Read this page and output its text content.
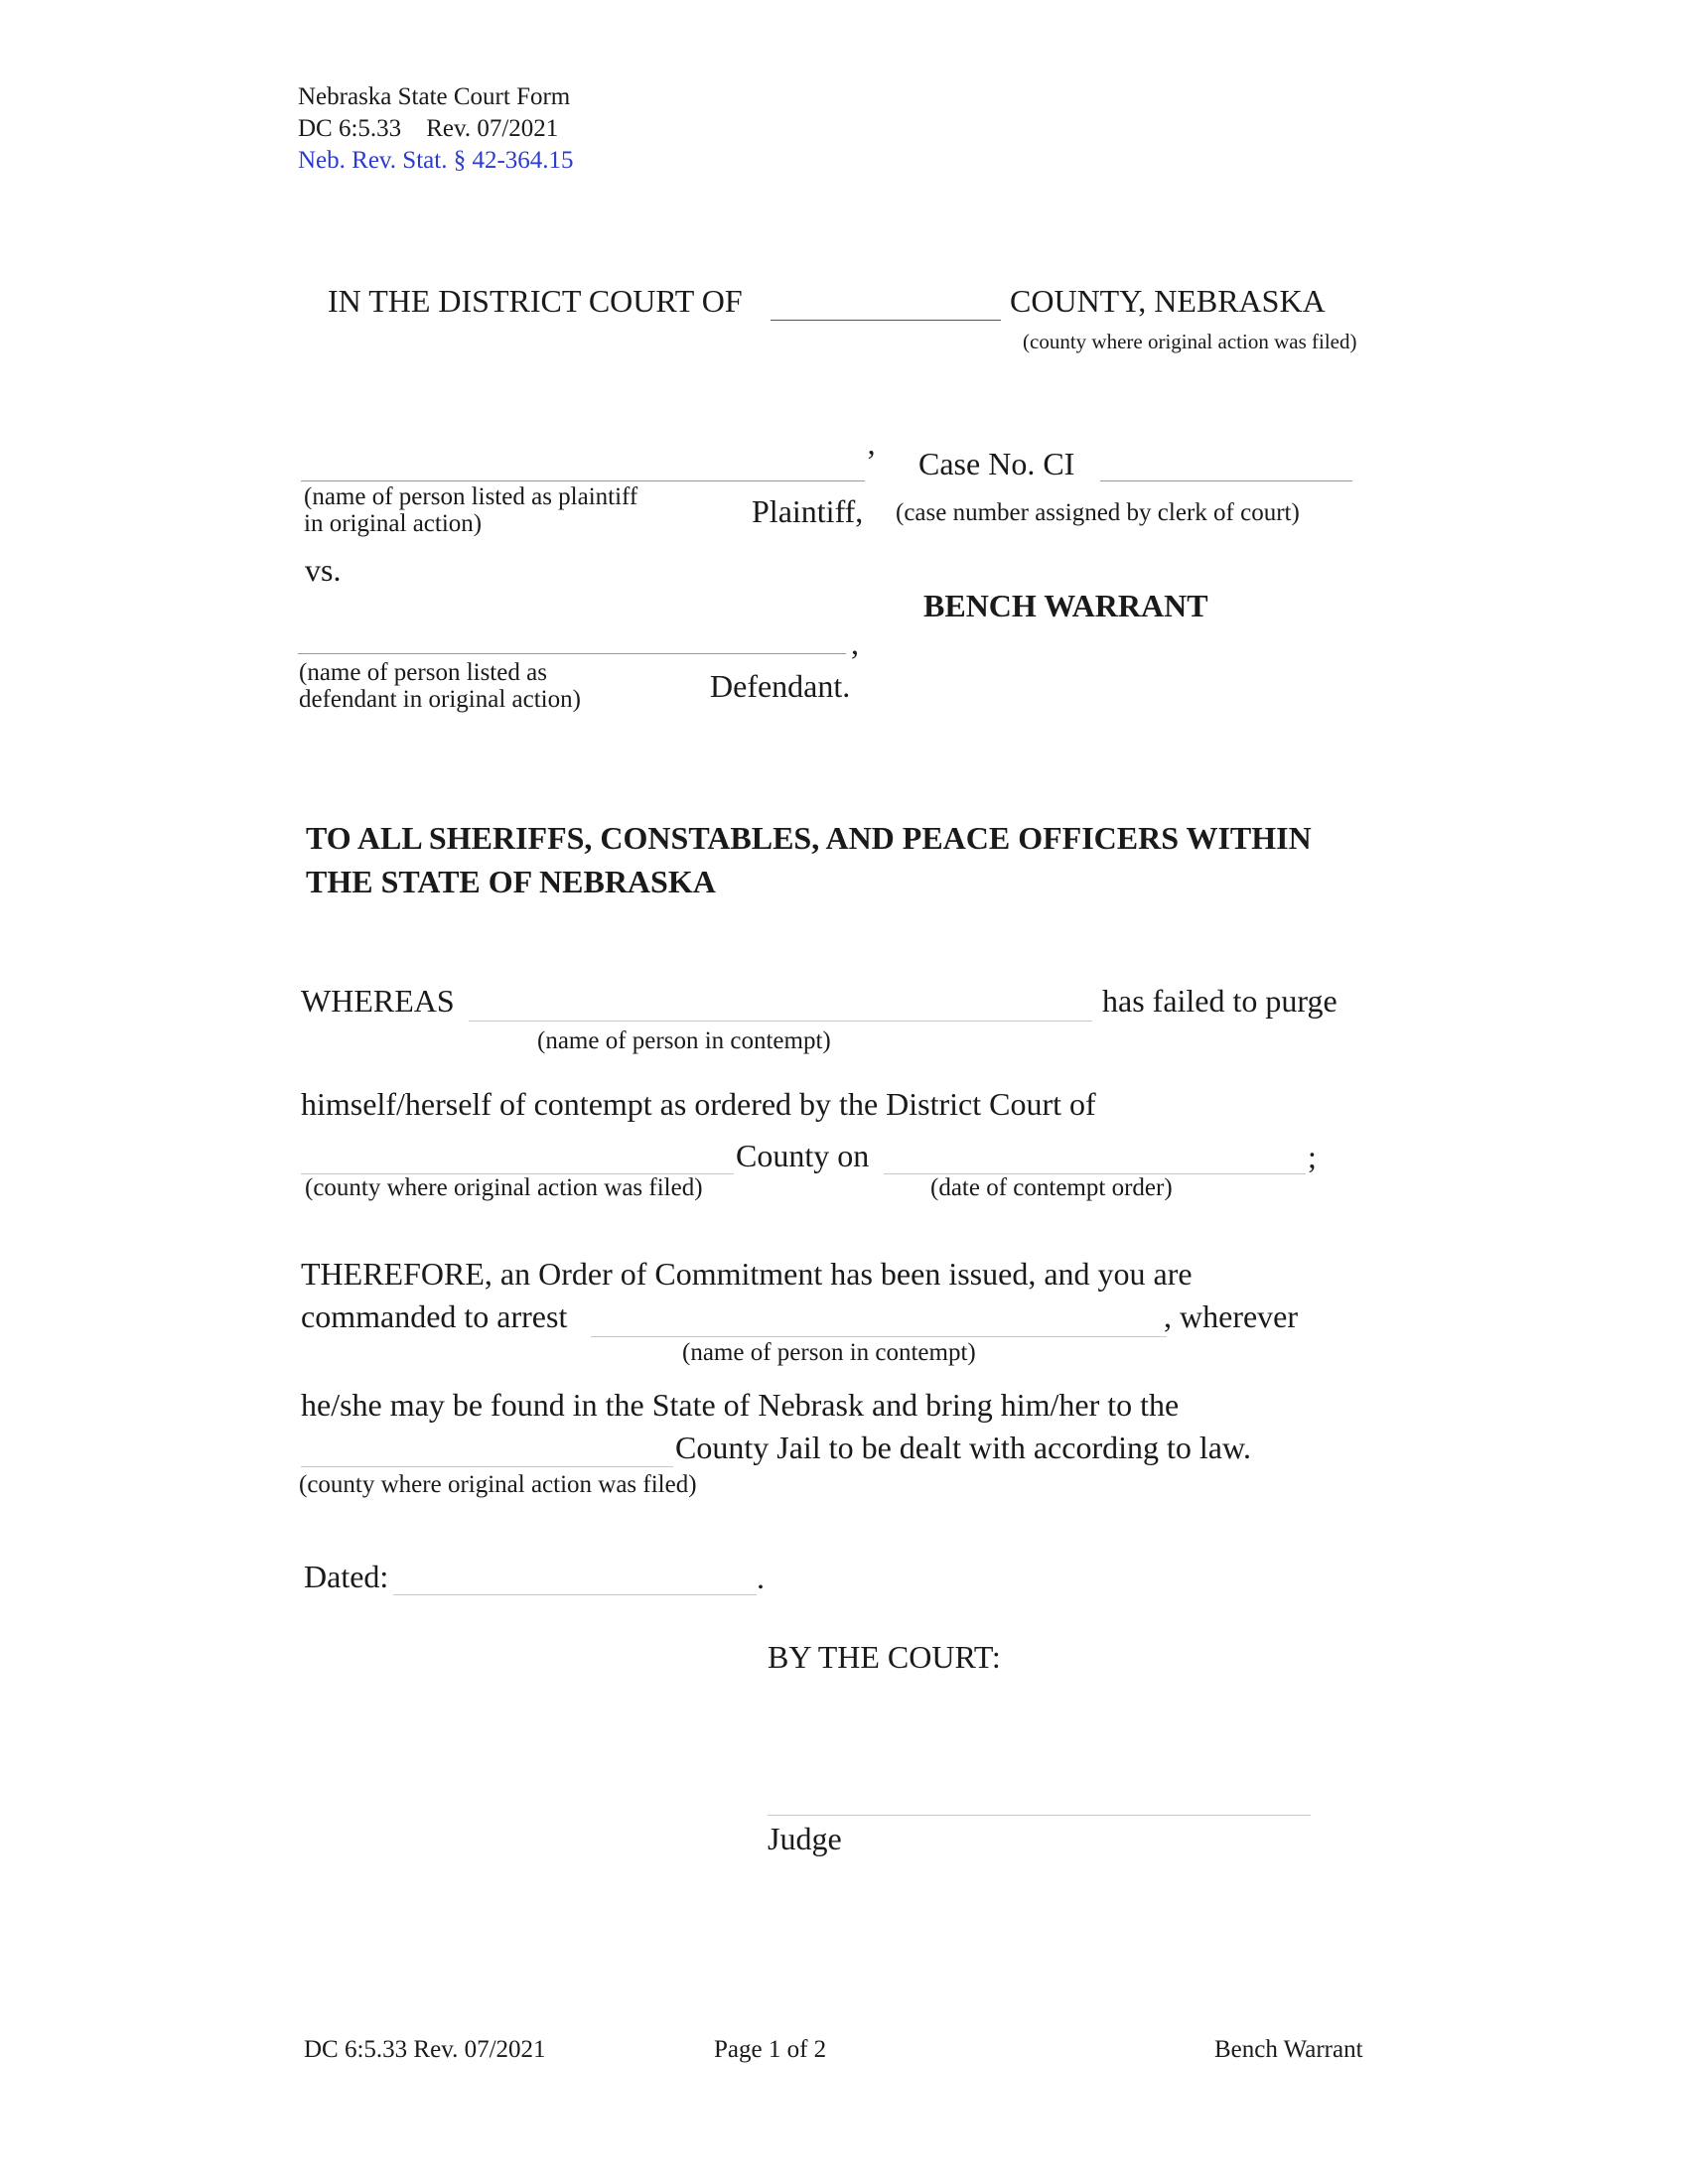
Nebraska State Court Form
DC 6:5.33 Rev. 07/2021
Neb. Rev. Stat. § 42-364.15
IN THE DISTRICT COURT OF	COUNTY, NEBRASKA
(county where original action was filed)
’
(name of person listed as plaintiff
in original action)	Plaintiff,
Case No. CI
(case number assigned by clerk of court)
vs.
BENCH WARRANT
,
(name of person listed as
defendant in original action)	Defendant.
TO ALL SHERIFFS, CONSTABLES, AND PEACE OFFICERS WITHIN
THE STATE OF NEBRASKA
WHEREAS	has failed to purge
(name of person in contempt)
himself/herself of contempt as ordered by the District Court of
County on	;
(county where original action was filed)	(date of contempt order)
THEREFORE, an Order of Commitment has been issued, and you are
commanded to arrest	, wherever
(name of person in contempt)
he/she may be found in the State of Nebrask and bring him/her to the
County Jail to be dealt with according to law.
(county where original action was filed)
Dated:	.
BY THE COURT:
Judge
DC 6:5.33 Rev. 07/2021	Page 1 of 2	Bench Warrant
